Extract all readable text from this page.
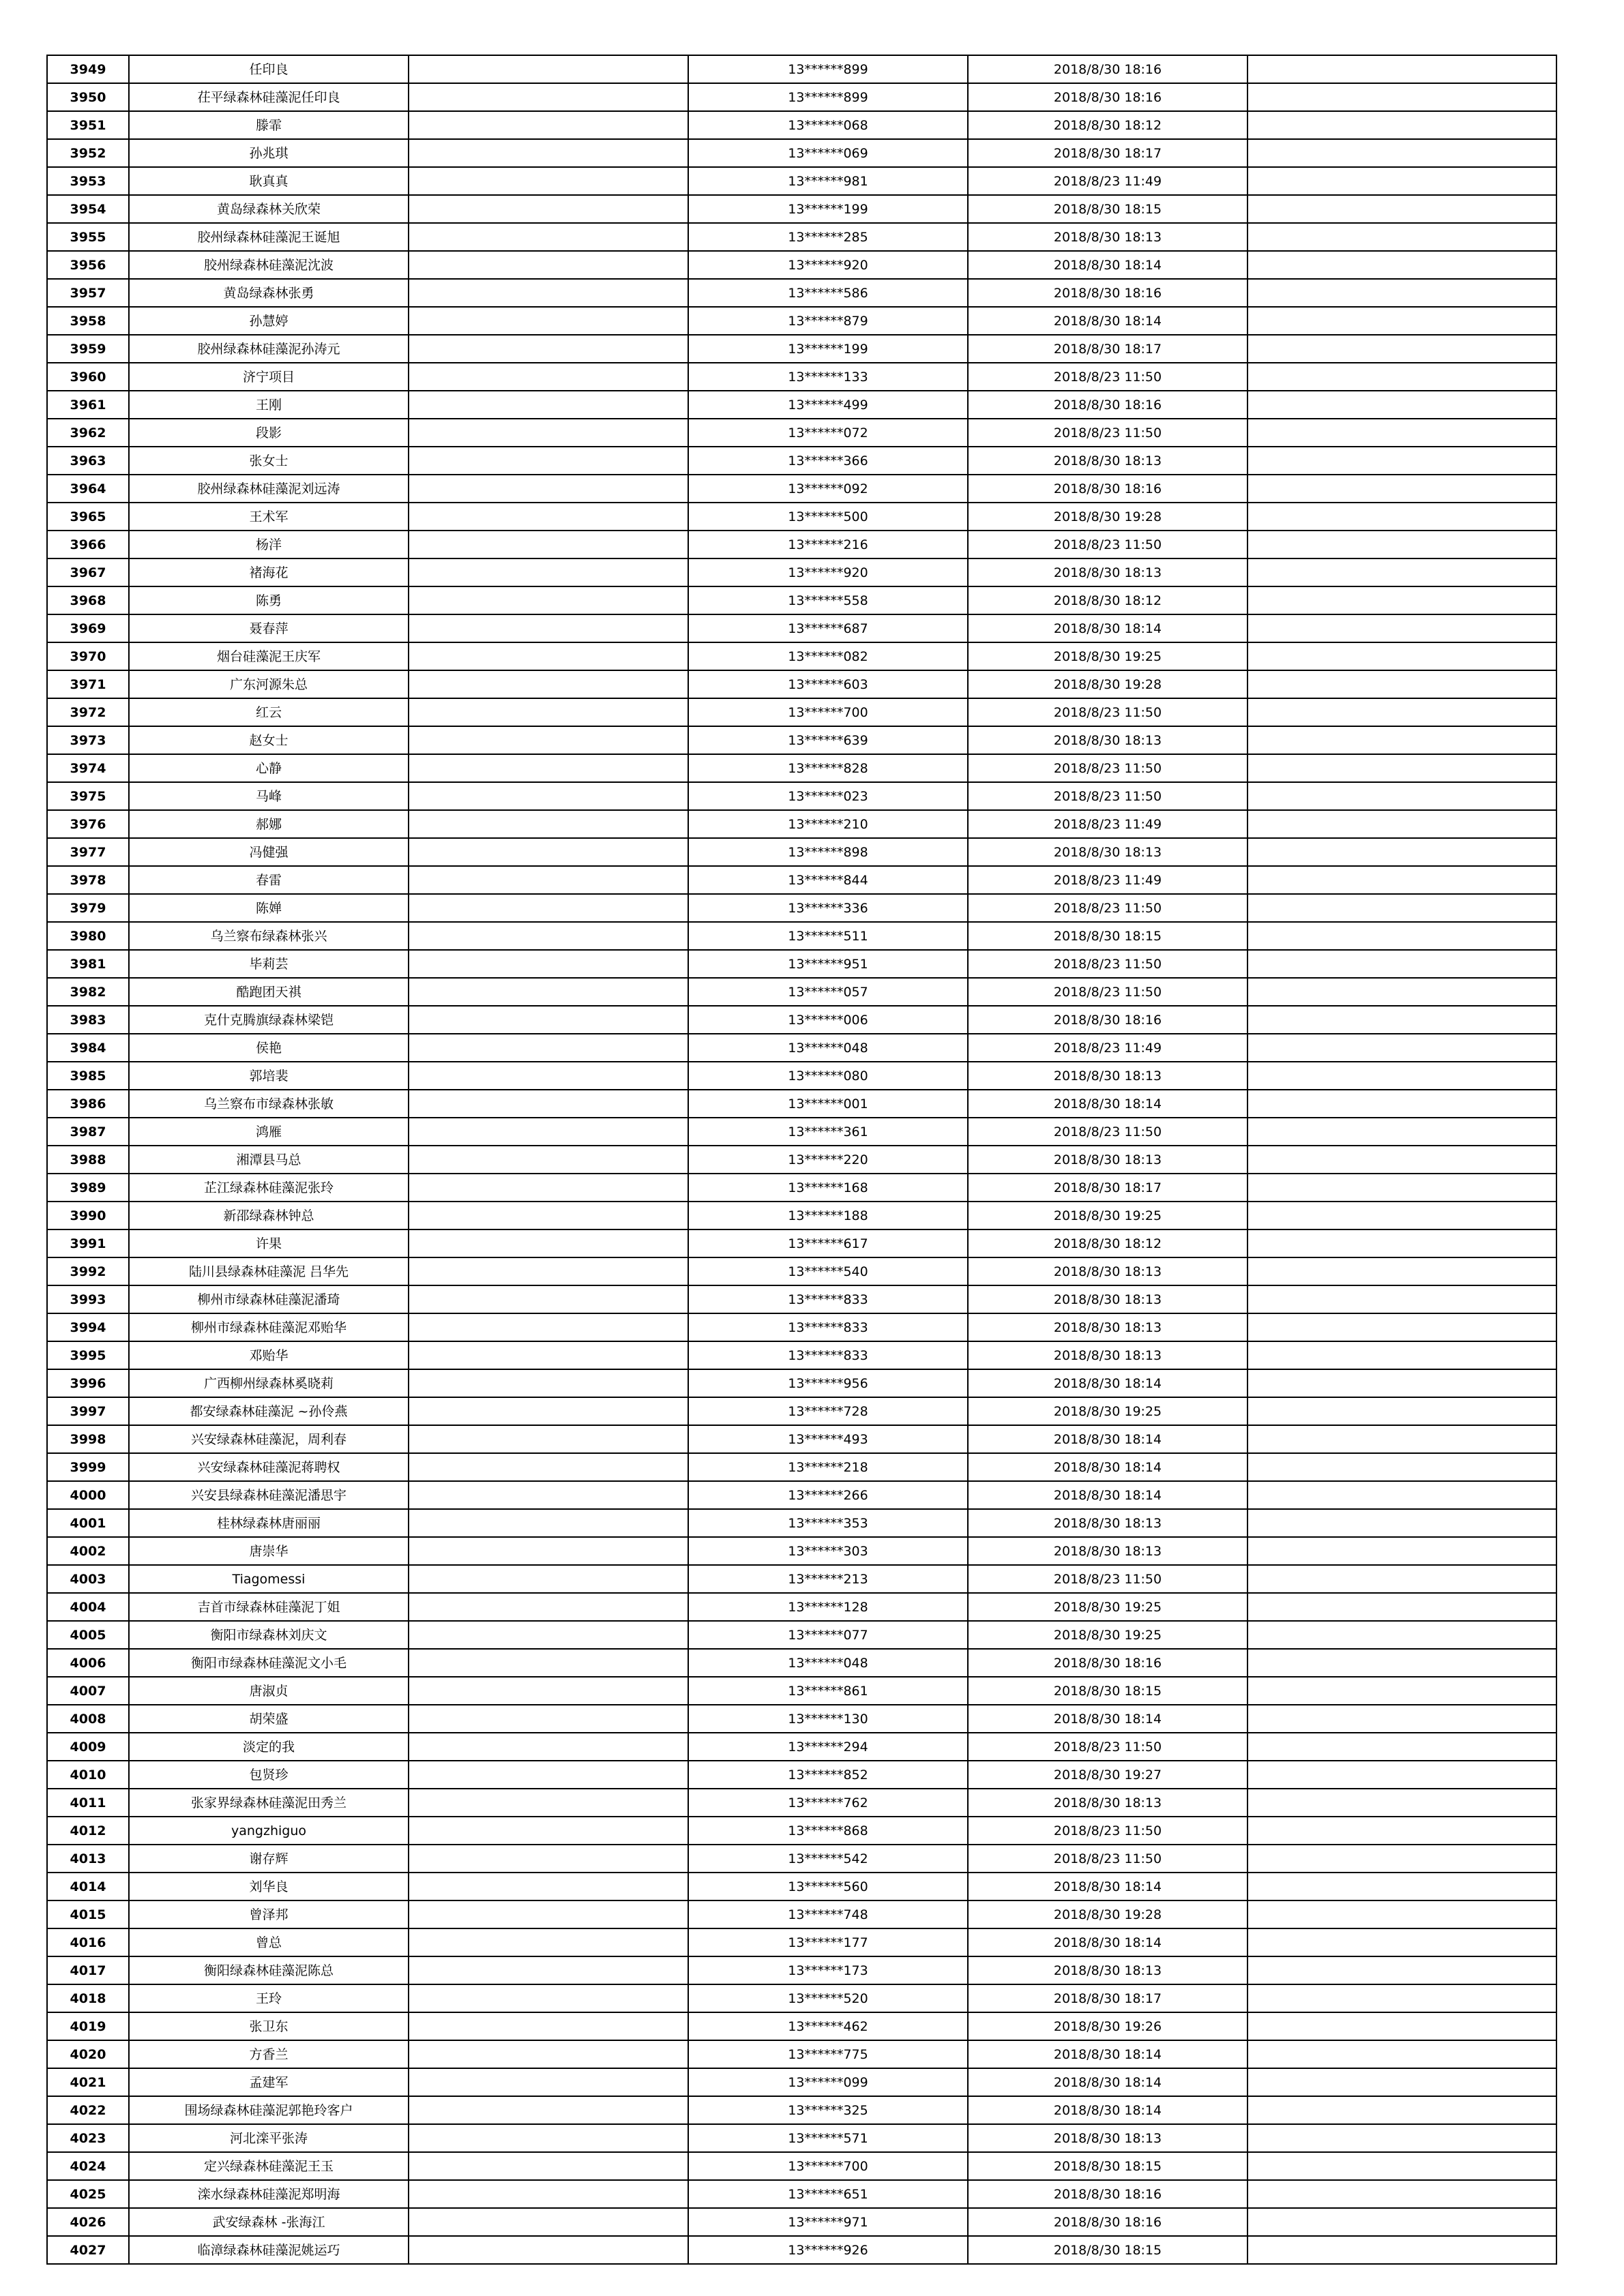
3949	任印良		13******899	2018/8/30 18:16	
3950	茌平绿森林硅藻泥任印良		13******899	2018/8/30 18:16	
3951	滕霏		13******068	2018/8/30 18:12	
3952	孙兆琪		13******069	2018/8/30 18:17	
3953	耿真真		13******981	2018/8/23 11:49	
3954	黄岛绿森林关欣荣		13******199	2018/8/30 18:15	
3955	胶州绿森林硅藻泥王诞旭		13******285	2018/8/30 18:13	
3956	胶州绿森林硅藻泥沈波		13******920	2018/8/30 18:14	
3957	黄岛绿森林张勇		13******586	2018/8/30 18:16	
3958	孙慧婷		13******879	2018/8/30 18:14	
3959	胶州绿森林硅藻泥孙涛元		13******199	2018/8/30 18:17	
3960	济宁项目		13******133	2018/8/23 11:50	
3961	王刚		13******499	2018/8/30 18:16	
3962	段影		13******072	2018/8/23 11:50	
3963	张女士		13******366	2018/8/30 18:13	
3964	胶州绿森林硅藻泥刘远涛		13******092	2018/8/30 18:16	
3965	王术军		13******500	2018/8/30 19:28	
3966	杨洋		13******216	2018/8/23 11:50	
3967	褚海花		13******920	2018/8/30 18:13	
3968	陈勇		13******558	2018/8/30 18:12	
3969	聂春萍		13******687	2018/8/30 18:14	
3970	烟台硅藻泥王庆军		13******082	2018/8/30 19:25	
3971	广东河源朱总		13******603	2018/8/30 19:28	
3972	红云		13******700	2018/8/23 11:50	
3973	赵女士		13******639	2018/8/30 18:13	
3974	心静		13******828	2018/8/23 11:50	
3975	马峰		13******023	2018/8/23 11:50	
3976	郝娜		13******210	2018/8/23 11:49	
3977	冯健强		13******898	2018/8/30 18:13	
3978	春雷		13******844	2018/8/23 11:49	
3979	陈婵		13******336	2018/8/23 11:50	
3980	乌兰察布绿森林张兴		13******511	2018/8/30 18:15	
3981	毕莉芸		13******951	2018/8/23 11:50	
3982	酷跑团天祺		13******057	2018/8/23 11:50	
3983	克什克腾旗绿森林梁铠		13******006	2018/8/30 18:16	
3984	侯艳		13******048	2018/8/23 11:49	
3985	郭培裴		13******080	2018/8/30 18:13	
3986	乌兰察布市绿森林张敏		13******001	2018/8/30 18:14	
3987	鸿雁		13******361	2018/8/23 11:50	
3988	湘潭县马总		13******220	2018/8/30 18:13	
3989	芷江绿森林硅藻泥张玲		13******168	2018/8/30 18:17	
3990	新邵绿森林钟总		13******188	2018/8/30 19:25	
3991	许果		13******617	2018/8/30 18:12	
3992	陆川县绿森林硅藻泥 吕华先		13******540	2018/8/30 18:13	
3993	柳州市绿森林硅藻泥潘琦		13******833	2018/8/30 18:13	
3994	柳州市绿森林硅藻泥邓贻华		13******833	2018/8/30 18:13	
3995	邓贻华		13******833	2018/8/30 18:13	
3996	广西柳州绿森林奚晓莉		13******956	2018/8/30 18:14	
3997	都安绿森林硅藻泥 ~孙伶燕		13******728	2018/8/30 19:25	
3998	兴安绿森林硅藻泥，周利春		13******493	2018/8/30 18:14	
3999	兴安绿森林硅藻泥蒋聘权		13******218	2018/8/30 18:14	
4000	兴安县绿森林硅藻泥潘思宇		13******266	2018/8/30 18:14	
4001	桂林绿森林唐丽丽		13******353	2018/8/30 18:13	
4002	唐崇华		13******303	2018/8/30 18:13	
4003	Tiagomessi		13******213	2018/8/23 11:50	
4004	吉首市绿森林硅藻泥丁姐		13******128	2018/8/30 19:25	
4005	衡阳市绿森林刘庆文		13******077	2018/8/30 19:25	
4006	衡阳市绿森林硅藻泥文小毛		13******048	2018/8/30 18:16	
4007	唐淑贞		13******861	2018/8/30 18:15	
4008	胡荣盛		13******130	2018/8/30 18:14	
4009	淡定的我		13******294	2018/8/23 11:50	
4010	包贤珍		13******852	2018/8/30 19:27	
4011	张家界绿森林硅藻泥田秀兰		13******762	2018/8/30 18:13	
4012	yangzhiguo		13******868	2018/8/23 11:50	
4013	谢存辉		13******542	2018/8/23 11:50	
4014	刘华良		13******560	2018/8/30 18:14	
4015	曾泽邦		13******748	2018/8/30 19:28	
4016	曾总		13******177	2018/8/30 18:14	
4017	衡阳绿森林硅藻泥陈总		13******173	2018/8/30 18:13	
4018	王玲		13******520	2018/8/30 18:17	
4019	张卫东		13******462	2018/8/30 19:26	
4020	方香兰		13******775	2018/8/30 18:14	
4021	孟建军		13******099	2018/8/30 18:14	
4022	围场绿森林硅藻泥郭艳玲客户		13******325	2018/8/30 18:14	
4023	河北滦平张涛		13******571	2018/8/30 18:13	
4024	定兴绿森林硅藻泥王玉		13******700	2018/8/30 18:15	
4025	滦水绿森林硅藻泥郑明海		13******651	2018/8/30 18:16	
4026	武安绿森林 -张海江		13******971	2018/8/30 18:16	
4027	临漳绿森林硅藻泥姚运巧		13******926	2018/8/30 18:15	
